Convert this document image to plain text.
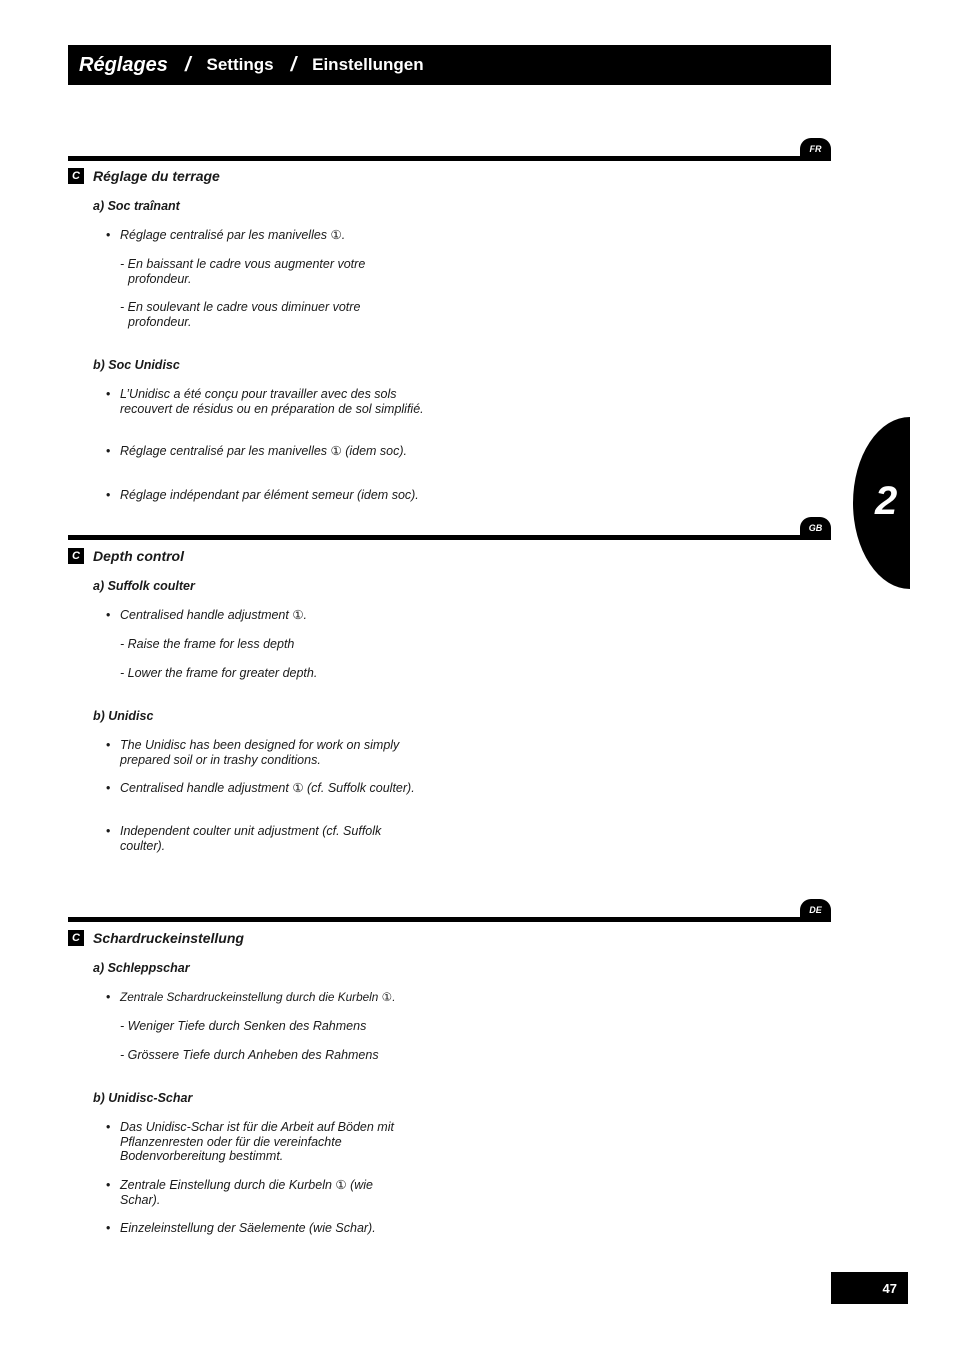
Réglages / Settings / Einstellungen
FR
C Réglage du terrage
a) Soc traînant
• Réglage centralisé par les manivelles ①.
- En baissant le cadre vous augmenter votre
profondeur.
- En soulevant le cadre vous diminuer votre
profondeur.
b) Soc Unidisc
• L’Unidisc a été conçu pour travailler avec des sols recouvert de résidus ou en préparation de sol simplifié.
• Réglage centralisé par les manivelles ① (idem soc).
• Réglage indépendant par élément semeur (idem soc).
GB
C Depth control
a) Suffolk coulter
• Centralised handle adjustment ①.
- Raise the frame for less depth
- Lower the frame for greater depth.
b) Unidisc
• The Unidisc has been designed for work on simply prepared soil or in trashy conditions.
• Centralised handle adjustment ① (cf. Suffolk coulter).
• Independent coulter unit adjustment (cf. Suffolk coulter).
DE
C Schardruckeinstellung
a) Schleppschar
• Zentrale Schardruckeinstellung durch die Kurbeln ①.
- Weniger Tiefe durch Senken des Rahmens
- Grössere Tiefe durch Anheben des Rahmens
b) Unidisc-Schar
• Das Unidisc-Schar ist für die Arbeit auf Böden mit Pflanzenresten oder für die vereinfachte Bodenvorbereitung bestimmt.
• Zentrale Einstellung durch die Kurbeln ① (wie Schar).
• Einzeleinstellung der Säelemente (wie Schar).
2
47
